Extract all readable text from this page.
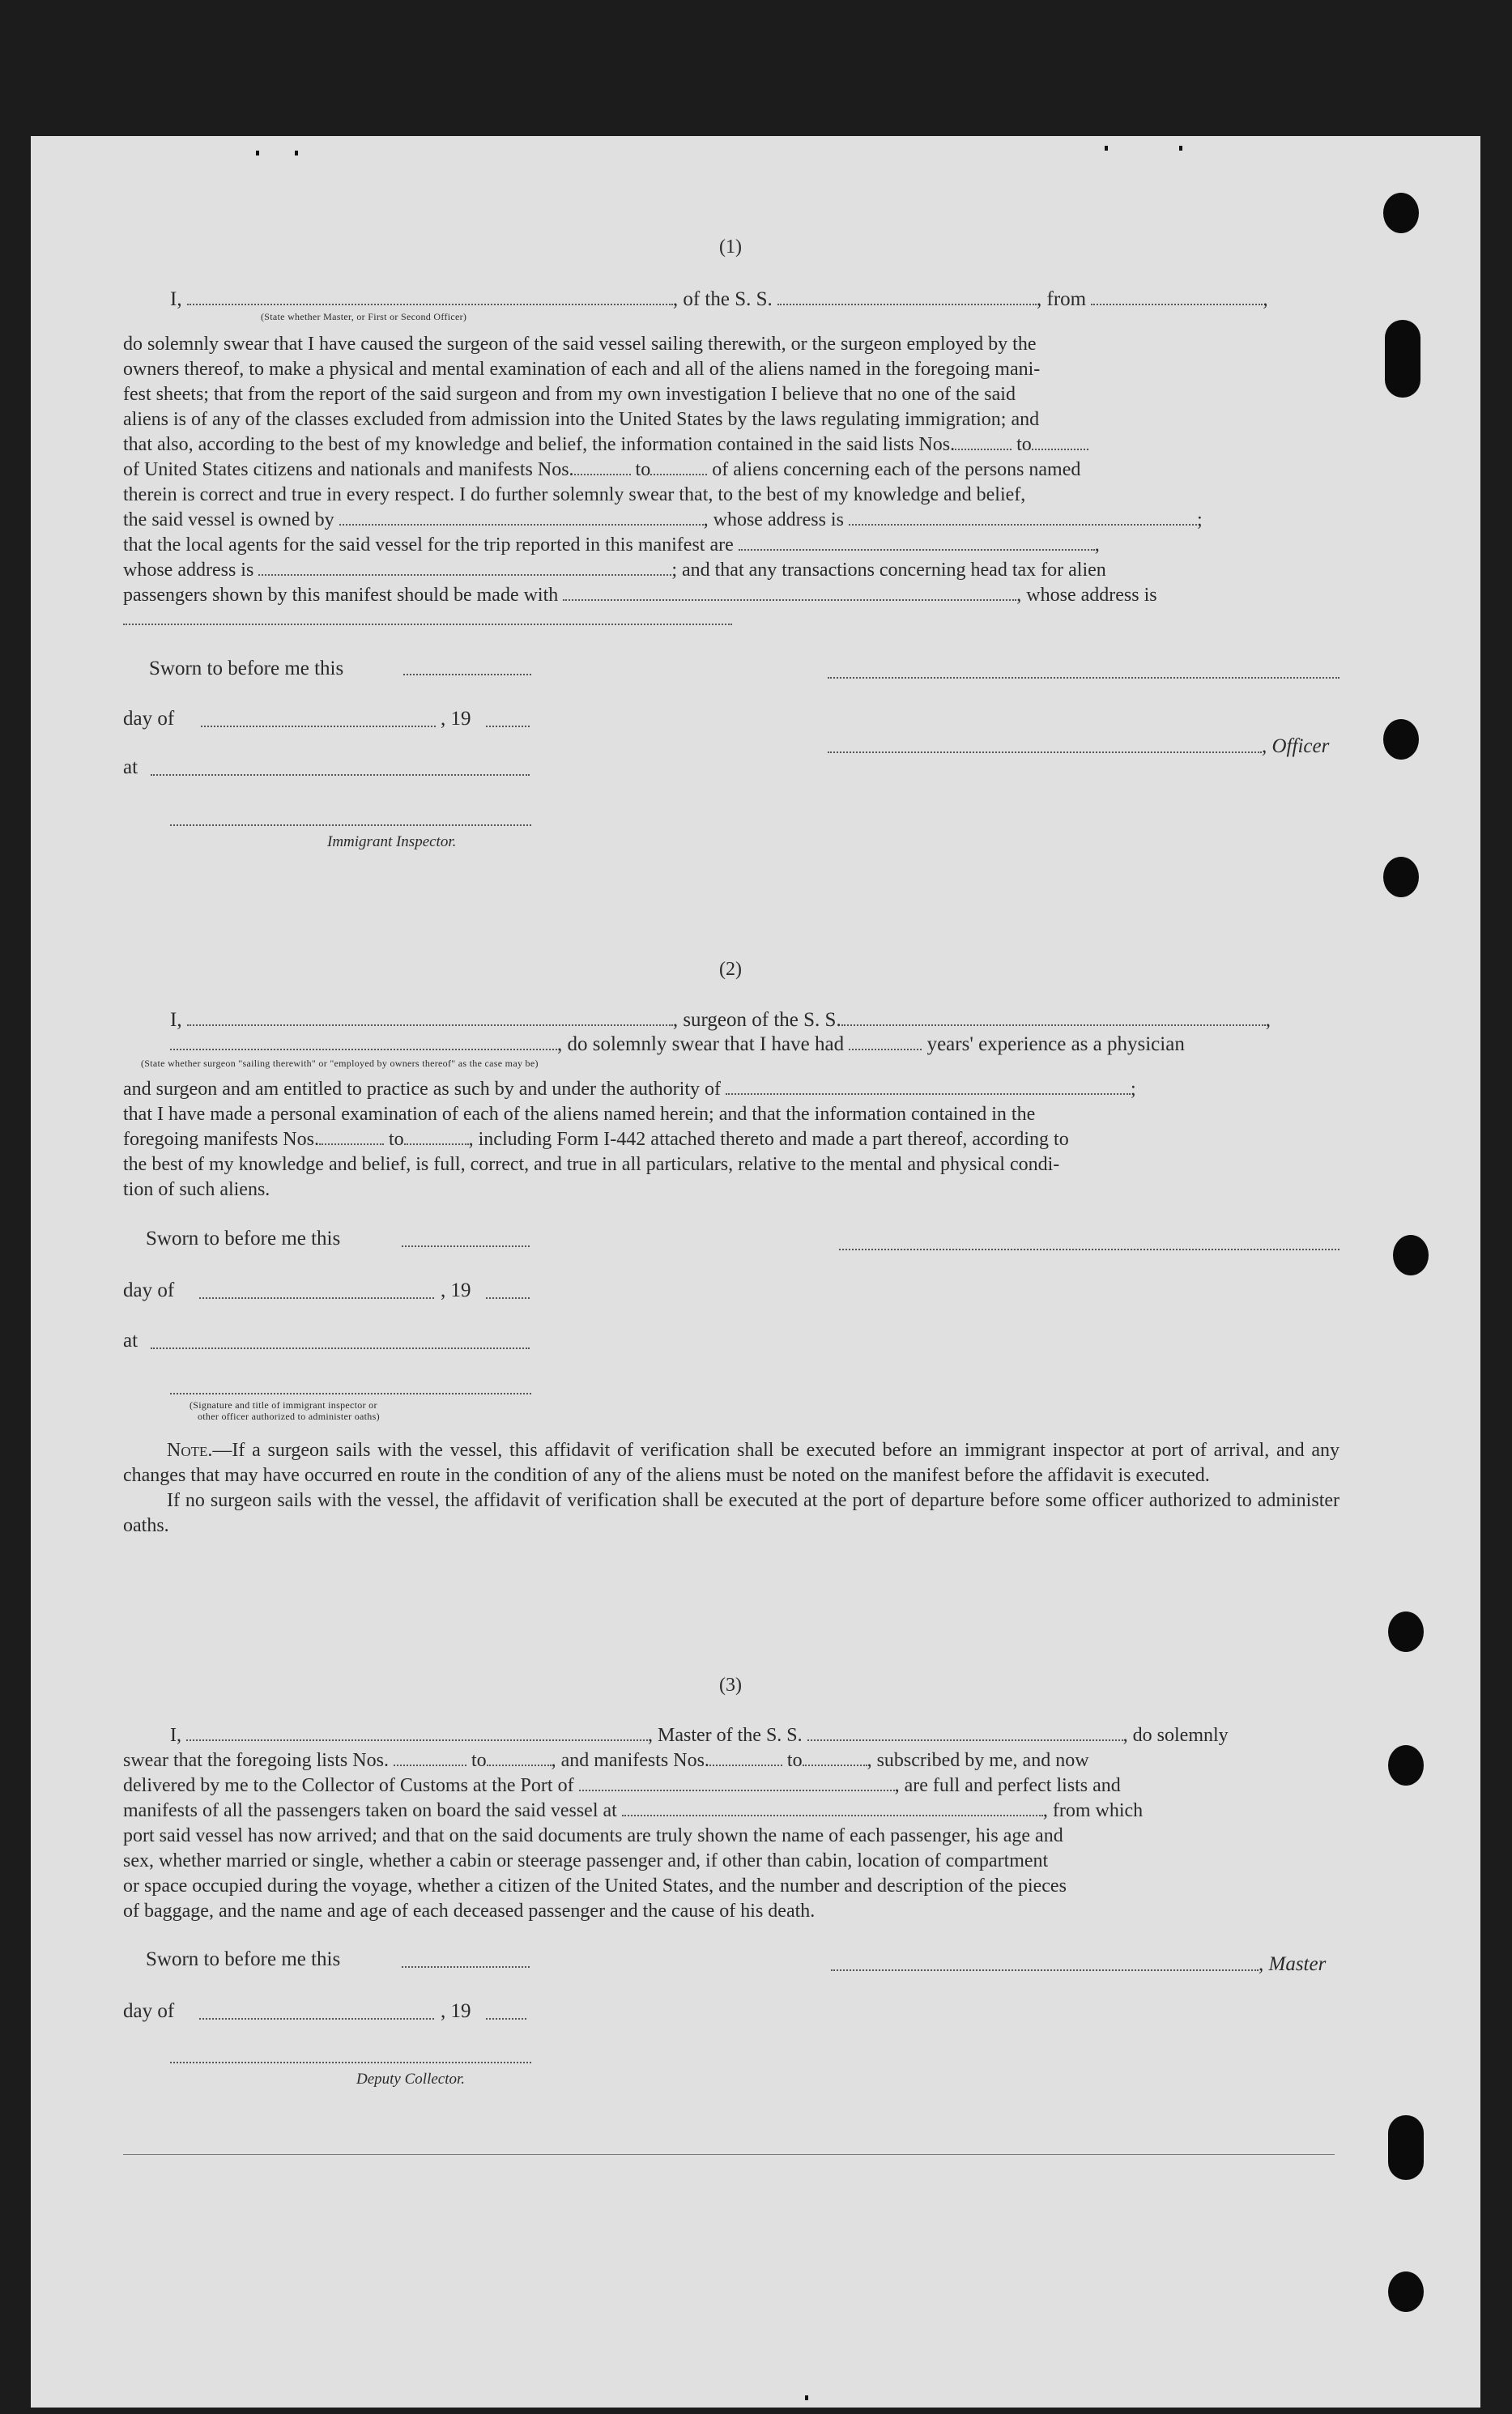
(1)
I,	, of the S. S.	, from	,
(State whether Master, or First or Second Officer)

do solemnly swear that I have caused the surgeon of the said vessel sailing therewith, or the surgeon employed by the

owners thereof, to make a physical and mental examination of each and all of the aliens named in the foregoing mani-

fest sheets; that from the report of the said surgeon and from my own investigation I believe that no one of the said

aliens is of any of the classes excluded from admission into the United States by the laws regulating immigration; and

that also, according to the best of my knowledge and belief, the information contained in the said lists Nos.	to

of United States citizens and nationals and manifests Nos.	to	of aliens concerning each of the persons named

therein is correct and true in every respect. I do further solemnly swear that, to the best of my knowledge and belief,

the said vessel is owned by	, whose address is	;

that the local agents for the said vessel for the trip reported in this manifest are	,

whose address is	; and that any transactions concerning head tax for alien

passengers shown by this manifest should be made with	, whose address is

Sworn to before me this
day of	, 19
, Officer
at
Immigrant Inspector.
(2)
I,	, surgeon of the S. S.	,
, do solemnly swear that I have had	years' experience as a physician
(State whether surgeon "sailing therewith" or "employed by owners thereof" as the case may be)

and surgeon and am entitled to practice as such by and under the authority of	;

that I have made a personal examination of each of the aliens named herein; and that the information contained in the

foregoing manifests Nos.	to	, including Form I-442 attached thereto and made a part thereof, according to

the best of my knowledge and belief, is full, correct, and true in all particulars, relative to the mental and physical condi-

tion of such aliens.

Sworn to before me this
day of	, 19
at
(Signature and title of immigrant inspector or
other officer authorized to administer oaths)

Note.—If a surgeon sails with the vessel, this affidavit of verification shall be executed before an immigrant inspector at port of arrival, and any changes that may have occurred en route in the condition of any of the aliens must be noted on the manifest before the affidavit is executed.

If no surgeon sails with the vessel, the affidavit of verification shall be executed at the port of departure before some officer authorized to administer oaths.

(3)

I,	, Master of the S. S.	, do solemnly

swear that the foregoing lists Nos.	to	, and manifests Nos.	to	, subscribed by me, and now

delivered by me to the Collector of Customs at the Port of	, are full and perfect lists and

manifests of all the passengers taken on board the said vessel at	, from which

port said vessel has now arrived; and that on the said documents are truly shown the name of each passenger, his age and

sex, whether married or single, whether a cabin or steerage passenger and, if other than cabin, location of compartment

or space occupied during the voyage, whether a citizen of the United States, and the number and description of the pieces

of baggage, and the name and age of each deceased passenger and the cause of his death.

Sworn to before me this	, Master
day of	, 19
Deputy Collector.
